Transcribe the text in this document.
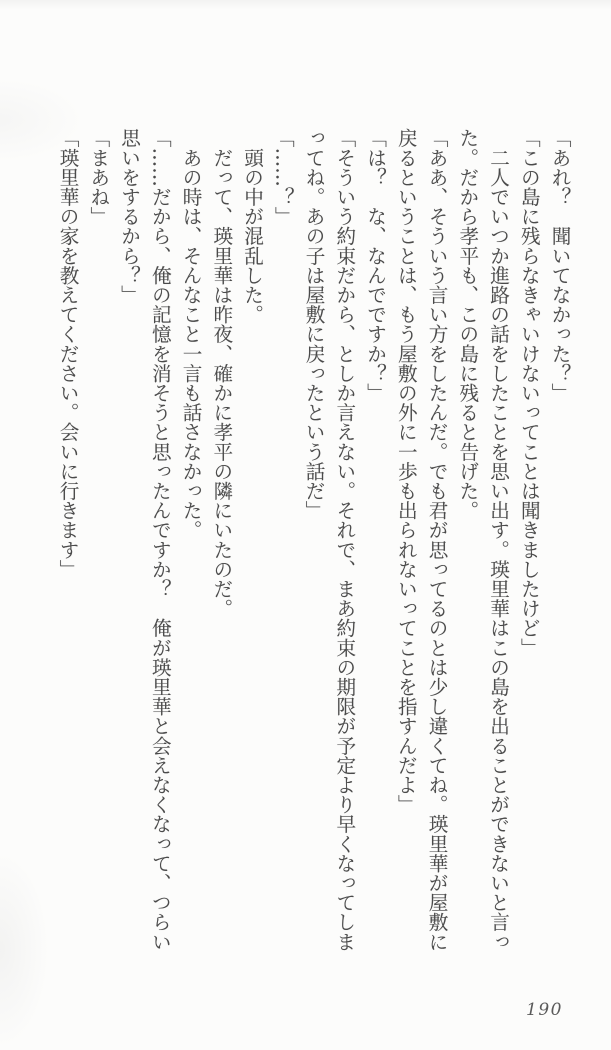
「あれ？　聞いてなかった？」

「この島に残らなきゃいけないってことは聞きましたけど」

　二人でいつか進路の話をしたことを思い出す。瑛里華はこの島を出ることができないと言っ
た。だから孝平も、この島に残ると告げた。

「ああ、そういう言い方をしたんだ。でも君が思ってるのとは少し違くてね。瑛里華が屋敷に
戻るということは、もう屋敷の外に一歩も出られないってことを指すんだよ」

「は？　な、なんでですか？」

「そういう約束だから、としか言えない。それで、まあ約束の期限が予定より早くなってしま
ってね。あの子は屋敷に戻ったという話だ」

「……？」

　頭の中が混乱した。

　だって、瑛里華は昨夜、確かに孝平の隣にいたのだ。

　あの時は、そんなこと一言も話さなかった。

「……だから、俺の記憶を消そうと思ったんですか？　俺が瑛里華と会えなくなって、つらい
思いをするから？」

「まあね」

「瑛里華の家を教えてください。会いに行きます」

190
